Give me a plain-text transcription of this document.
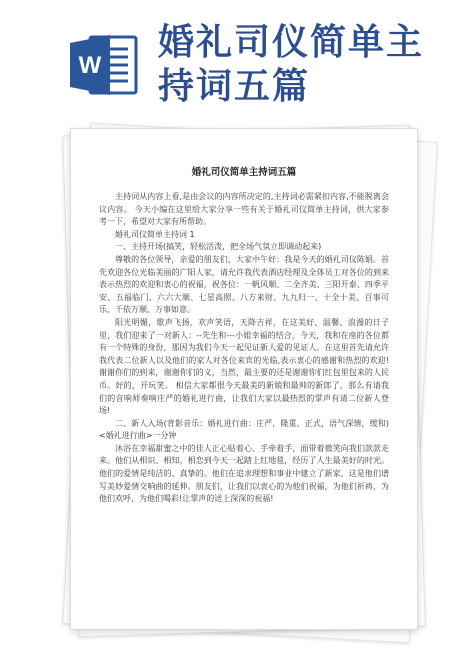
W
婚礼司仪简单主持词五篇
婚礼司仪简单主持词五篇

主持词从内容上看,是由会议的内容所决定的,主持词必需紧扣内容,不能脱离会议内容。 今天小编在这里给大家分享一些有关于婚礼司仪简单主持词，供大家参考一下，希望对大家有所帮助。

婚礼司仪简单主持词 1

一、主持开场(搞笑，轻松活泼，把全场气氛立即调动起来)

尊敬的各位领导，亲爱的朋友们，大家中午好：我是今天的婚礼司仪陈娟。首先欢迎各位光临美丽的广阳人家，请允许我代表酒店经理及全体员工对各位的到来表示热烈的欢迎和衷心的祝福，祝各位：一帆风顺、二全齐美、三阳开泰、四季平安、五福临门、六六大顺、七星高照、八方来财、九九归一、十全十美、百事可乐、千依万顺、万事如意。

阳光明媚，歌声飞扬，欢声笑语，天降吉祥，在这美好、温馨、浪漫的日子里，我们迎来了一对新人：--先生和---小姐幸福的结合，今天，我和在座的各位都有一个特殊的身份，那因为我们今天一起见证新人爱的见证人。在这里首先请允许我代表二位新人以及他们的家人对各位来宾的光临,表示衷心的感谢和热烈的欢迎!谢谢你们的到来，谢谢你们的义，当然，最主要的还是谢谢你们红包里包来的人民币。好的，开玩笑。 相信大家都很今天最美的新娘和最帅的新郎了，那么有请我们的音响师奏响庄严的婚礼进行曲，让我们大家以最热烈的掌声有请二位新人登场!

二、新人入场(背影音乐：婚礼进行曲：庄严，隆重，正式，语气深情，缓和)<婚礼进行曲>一分钟

沐浴在幸福甜蜜之中的佳人正心贴着心、手牵着手，面带着微笑向我们款款走来。他们从相识、相知，相恋到今天一起踏上红地毯，经历了人生最美好的时光。他们的爱情是纯洁的、真挚的。他们在追求理想和事业中建立了新家，这是他们谱写美妙爱情交响曲的延伸。朋友们，让我们以衷心的为他们祝福，为他们祈祷，为他们欢呼，为他们喝彩!让掌声的送上深深的祝福!
